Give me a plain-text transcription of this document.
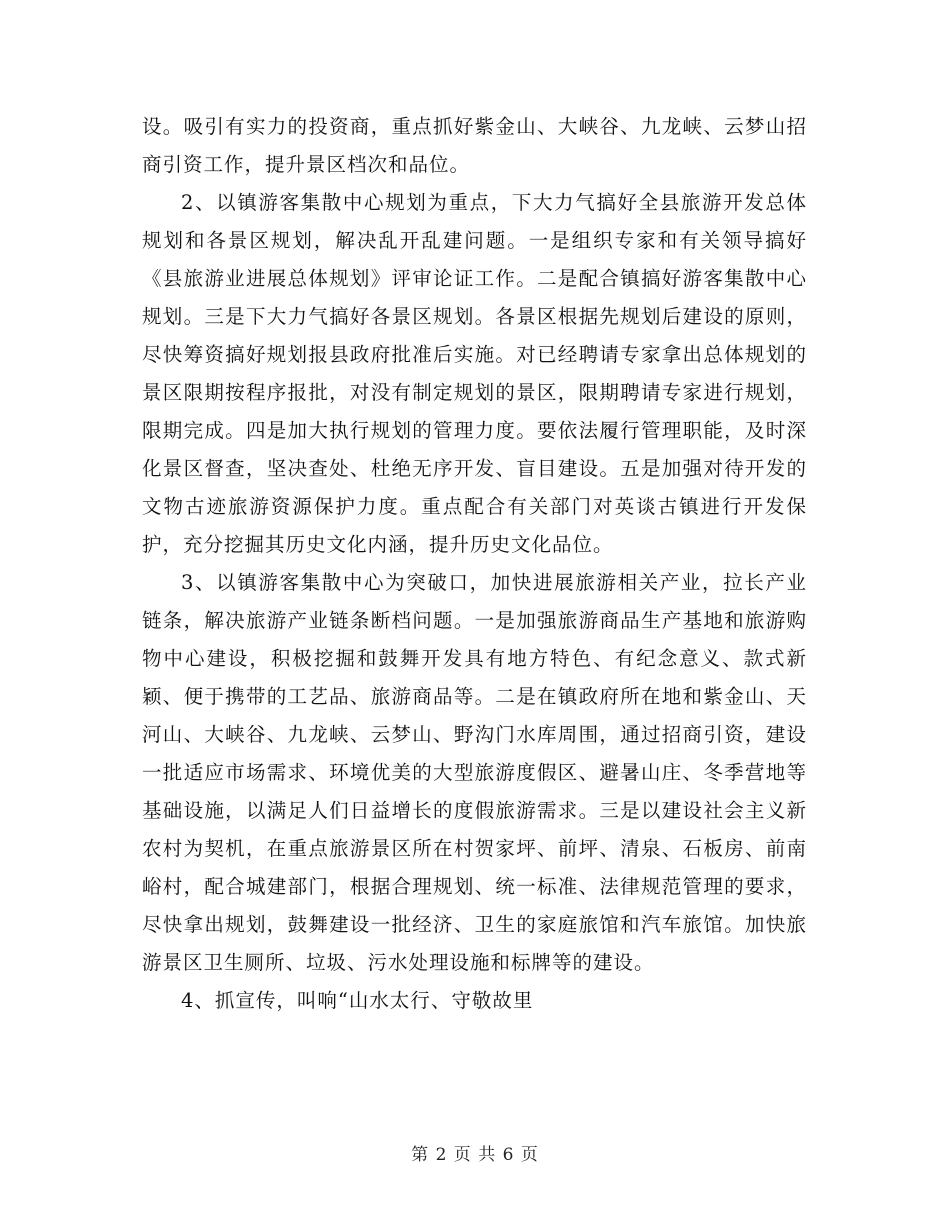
设。吸引有实力的投资商，重点抓好紫金山、大峡谷、九龙峡、云梦山招商引资工作，提升景区档次和品位。

2、以镇游客集散中心规划为重点，下大力气搞好全县旅游开发总体规划和各景区规划，解决乱开乱建问题。一是组织专家和有关领导搞好《县旅游业进展总体规划》评审论证工作。二是配合镇搞好游客集散中心规划。三是下大力气搞好各景区规划。各景区根据先规划后建设的原则，尽快筹资搞好规划报县政府批准后实施。对已经聘请专家拿出总体规划的景区限期按程序报批，对没有制定规划的景区，限期聘请专家进行规划，限期完成。四是加大执行规划的管理力度。要依法履行管理职能，及时深化景区督查，坚决查处、杜绝无序开发、盲目建设。五是加强对待开发的文物古迹旅游资源保护力度。重点配合有关部门对英谈古镇进行开发保护，充分挖掘其历史文化内涵，提升历史文化品位。

3、以镇游客集散中心为突破口，加快进展旅游相关产业，拉长产业链条，解决旅游产业链条断档问题。一是加强旅游商品生产基地和旅游购物中心建设，积极挖掘和鼓舞开发具有地方特色、有纪念意义、款式新颖、便于携带的工艺品、旅游商品等。二是在镇政府所在地和紫金山、天河山、大峡谷、九龙峡、云梦山、野沟门水库周围，通过招商引资，建设一批适应市场需求、环境优美的大型旅游度假区、避暑山庄、冬季营地等基础设施，以满足人们日益增长的度假旅游需求。三是以建设社会主义新农村为契机，在重点旅游景区所在村贺家坪、前坪、清泉、石板房、前南峪村，配合城建部门，根据合理规划、统一标准、法律规范管理的要求，尽快拿出规划，鼓舞建设一批经济、卫生的家庭旅馆和汽车旅馆。加快旅游景区卫生厕所、垃圾、污水处理设施和标牌等的建设。

4、抓宣传，叫响“山水太行、守敬故里

第 2 页 共 6 页
